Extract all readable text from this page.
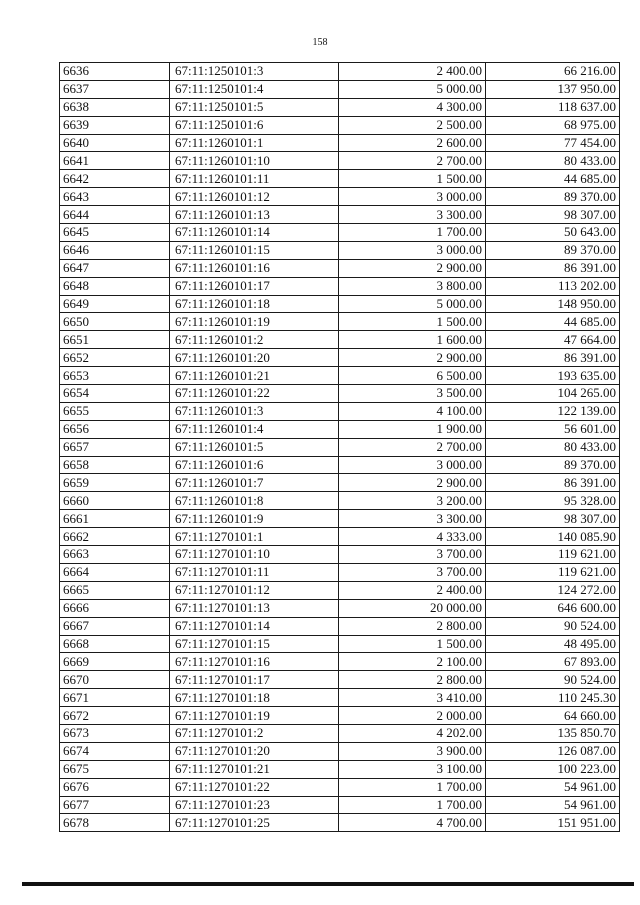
158
6636	67:11:1250101:3	2 400.00	66 216.00
6637	67:11:1250101:4	5 000.00	137 950.00
6638	67:11:1250101:5	4 300.00	118 637.00
6639	67:11:1250101:6	2 500.00	68 975.00
6640	67:11:1260101:1	2 600.00	77 454.00
6641	67:11:1260101:10	2 700.00	80 433.00
6642	67:11:1260101:11	1 500.00	44 685.00
6643	67:11:1260101:12	3 000.00	89 370.00
6644	67:11:1260101:13	3 300.00	98 307.00
6645	67:11:1260101:14	1 700.00	50 643.00
6646	67:11:1260101:15	3 000.00	89 370.00
6647	67:11:1260101:16	2 900.00	86 391.00
6648	67:11:1260101:17	3 800.00	113 202.00
6649	67:11:1260101:18	5 000.00	148 950.00
6650	67:11:1260101:19	1 500.00	44 685.00
6651	67:11:1260101:2	1 600.00	47 664.00
6652	67:11:1260101:20	2 900.00	86 391.00
6653	67:11:1260101:21	6 500.00	193 635.00
6654	67:11:1260101:22	3 500.00	104 265.00
6655	67:11:1260101:3	4 100.00	122 139.00
6656	67:11:1260101:4	1 900.00	56 601.00
6657	67:11:1260101:5	2 700.00	80 433.00
6658	67:11:1260101:6	3 000.00	89 370.00
6659	67:11:1260101:7	2 900.00	86 391.00
6660	67:11:1260101:8	3 200.00	95 328.00
6661	67:11:1260101:9	3 300.00	98 307.00
6662	67:11:1270101:1	4 333.00	140 085.90
6663	67:11:1270101:10	3 700.00	119 621.00
6664	67:11:1270101:11	3 700.00	119 621.00
6665	67:11:1270101:12	2 400.00	124 272.00
6666	67:11:1270101:13	20 000.00	646 600.00
6667	67:11:1270101:14	2 800.00	90 524.00
6668	67:11:1270101:15	1 500.00	48 495.00
6669	67:11:1270101:16	2 100.00	67 893.00
6670	67:11:1270101:17	2 800.00	90 524.00
6671	67:11:1270101:18	3 410.00	110 245.30
6672	67:11:1270101:19	2 000.00	64 660.00
6673	67:11:1270101:2	4 202.00	135 850.70
6674	67:11:1270101:20	3 900.00	126 087.00
6675	67:11:1270101:21	3 100.00	100 223.00
6676	67:11:1270101:22	1 700.00	54 961.00
6677	67:11:1270101:23	1 700.00	54 961.00
6678	67:11:1270101:25	4 700.00	151 951.00
